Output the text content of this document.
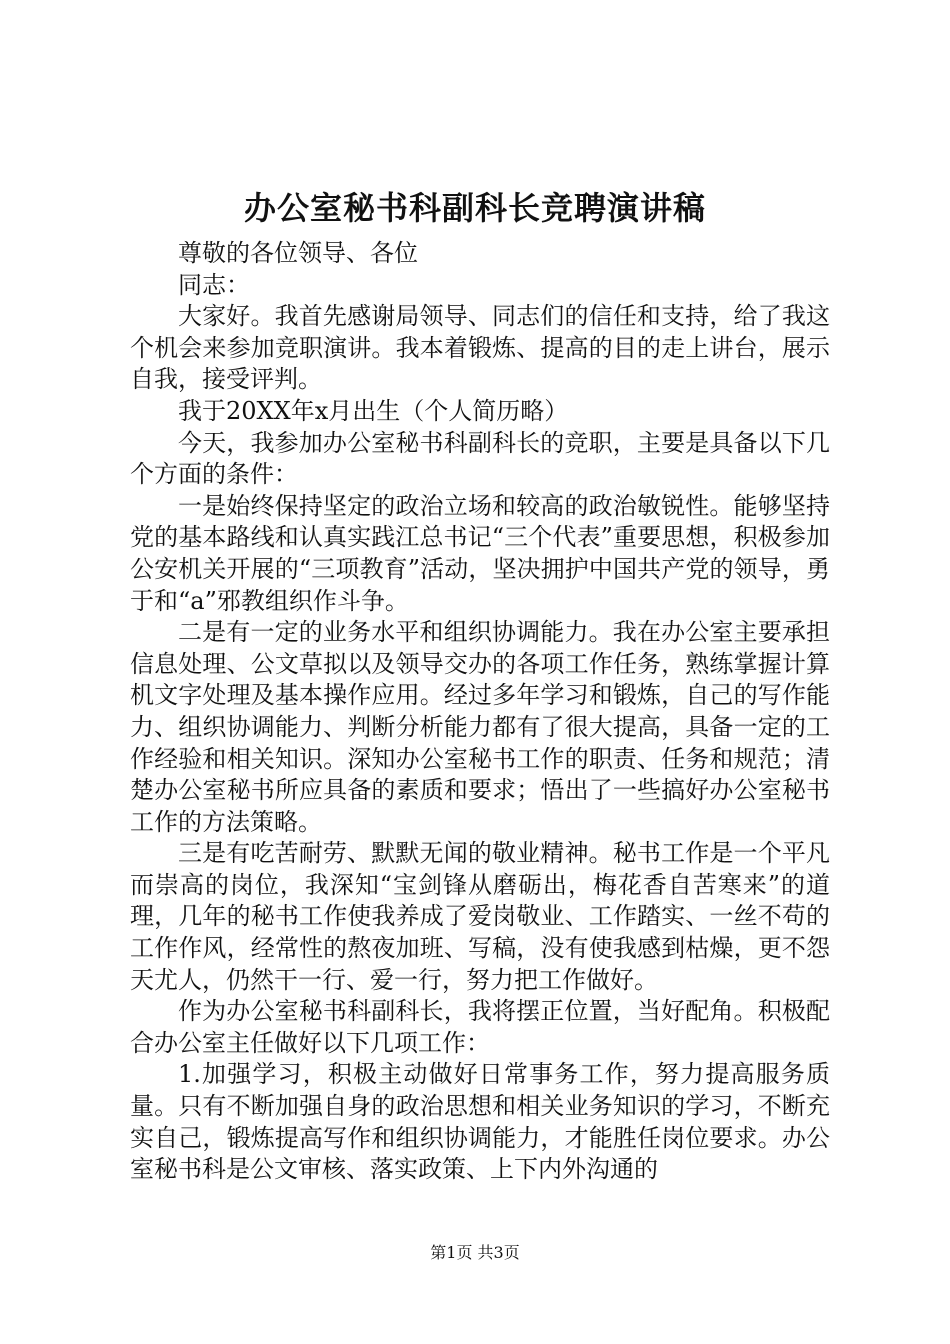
办公室秘书科副科长竞聘演讲稿

尊敬的各位领导、各位

同志：

大家好。我首先感谢局领导、同志们的信任和支持，给了我这个机会来参加竞职演讲。我本着锻炼、提高的目的走上讲台，展示自我，接受评判。

我于20XX年x月出生（个人简历略）

今天，我参加办公室秘书科副科长的竞职，主要是具备以下几个方面的条件：

一是始终保持坚定的政治立场和较高的政治敏锐性。能够坚持党的基本路线和认真实践江总书记“三个代表”重要思想，积极参加公安机关开展的“三项教育”活动，坚决拥护中国共产党的领导，勇于和“a”邪教组织作斗争。

二是有一定的业务水平和组织协调能力。我在办公室主要承担信息处理、公文草拟以及领导交办的各项工作任务，熟练掌握计算机文字处理及基本操作应用。经过多年学习和锻炼，自己的写作能力、组织协调能力、判断分析能力都有了很大提高，具备一定的工作经验和相关知识。深知办公室秘书工作的职责、任务和规范；清楚办公室秘书所应具备的素质和要求；悟出了一些搞好办公室秘书工作的方法策略。

三是有吃苦耐劳、默默无闻的敬业精神。秘书工作是一个平凡而崇高的岗位，我深知“宝剑锋从磨砺出，梅花香自苦寒来”的道理，几年的秘书工作使我养成了爱岗敬业、工作踏实、一丝不苟的工作作风，经常性的熬夜加班、写稿，没有使我感到枯燥，更不怨天尤人，仍然干一行、爱一行，努力把工作做好。

作为办公室秘书科副科长，我将摆正位置，当好配角。积极配合办公室主任做好以下几项工作：

1.加强学习，积极主动做好日常事务工作，努力提高服务质量。只有不断加强自身的政治思想和相关业务知识的学习，不断充实自己，锻炼提高写作和组织协调能力，才能胜任岗位要求。办公室秘书科是公文审核、落实政策、上下内外沟通的

第1页 共3页
